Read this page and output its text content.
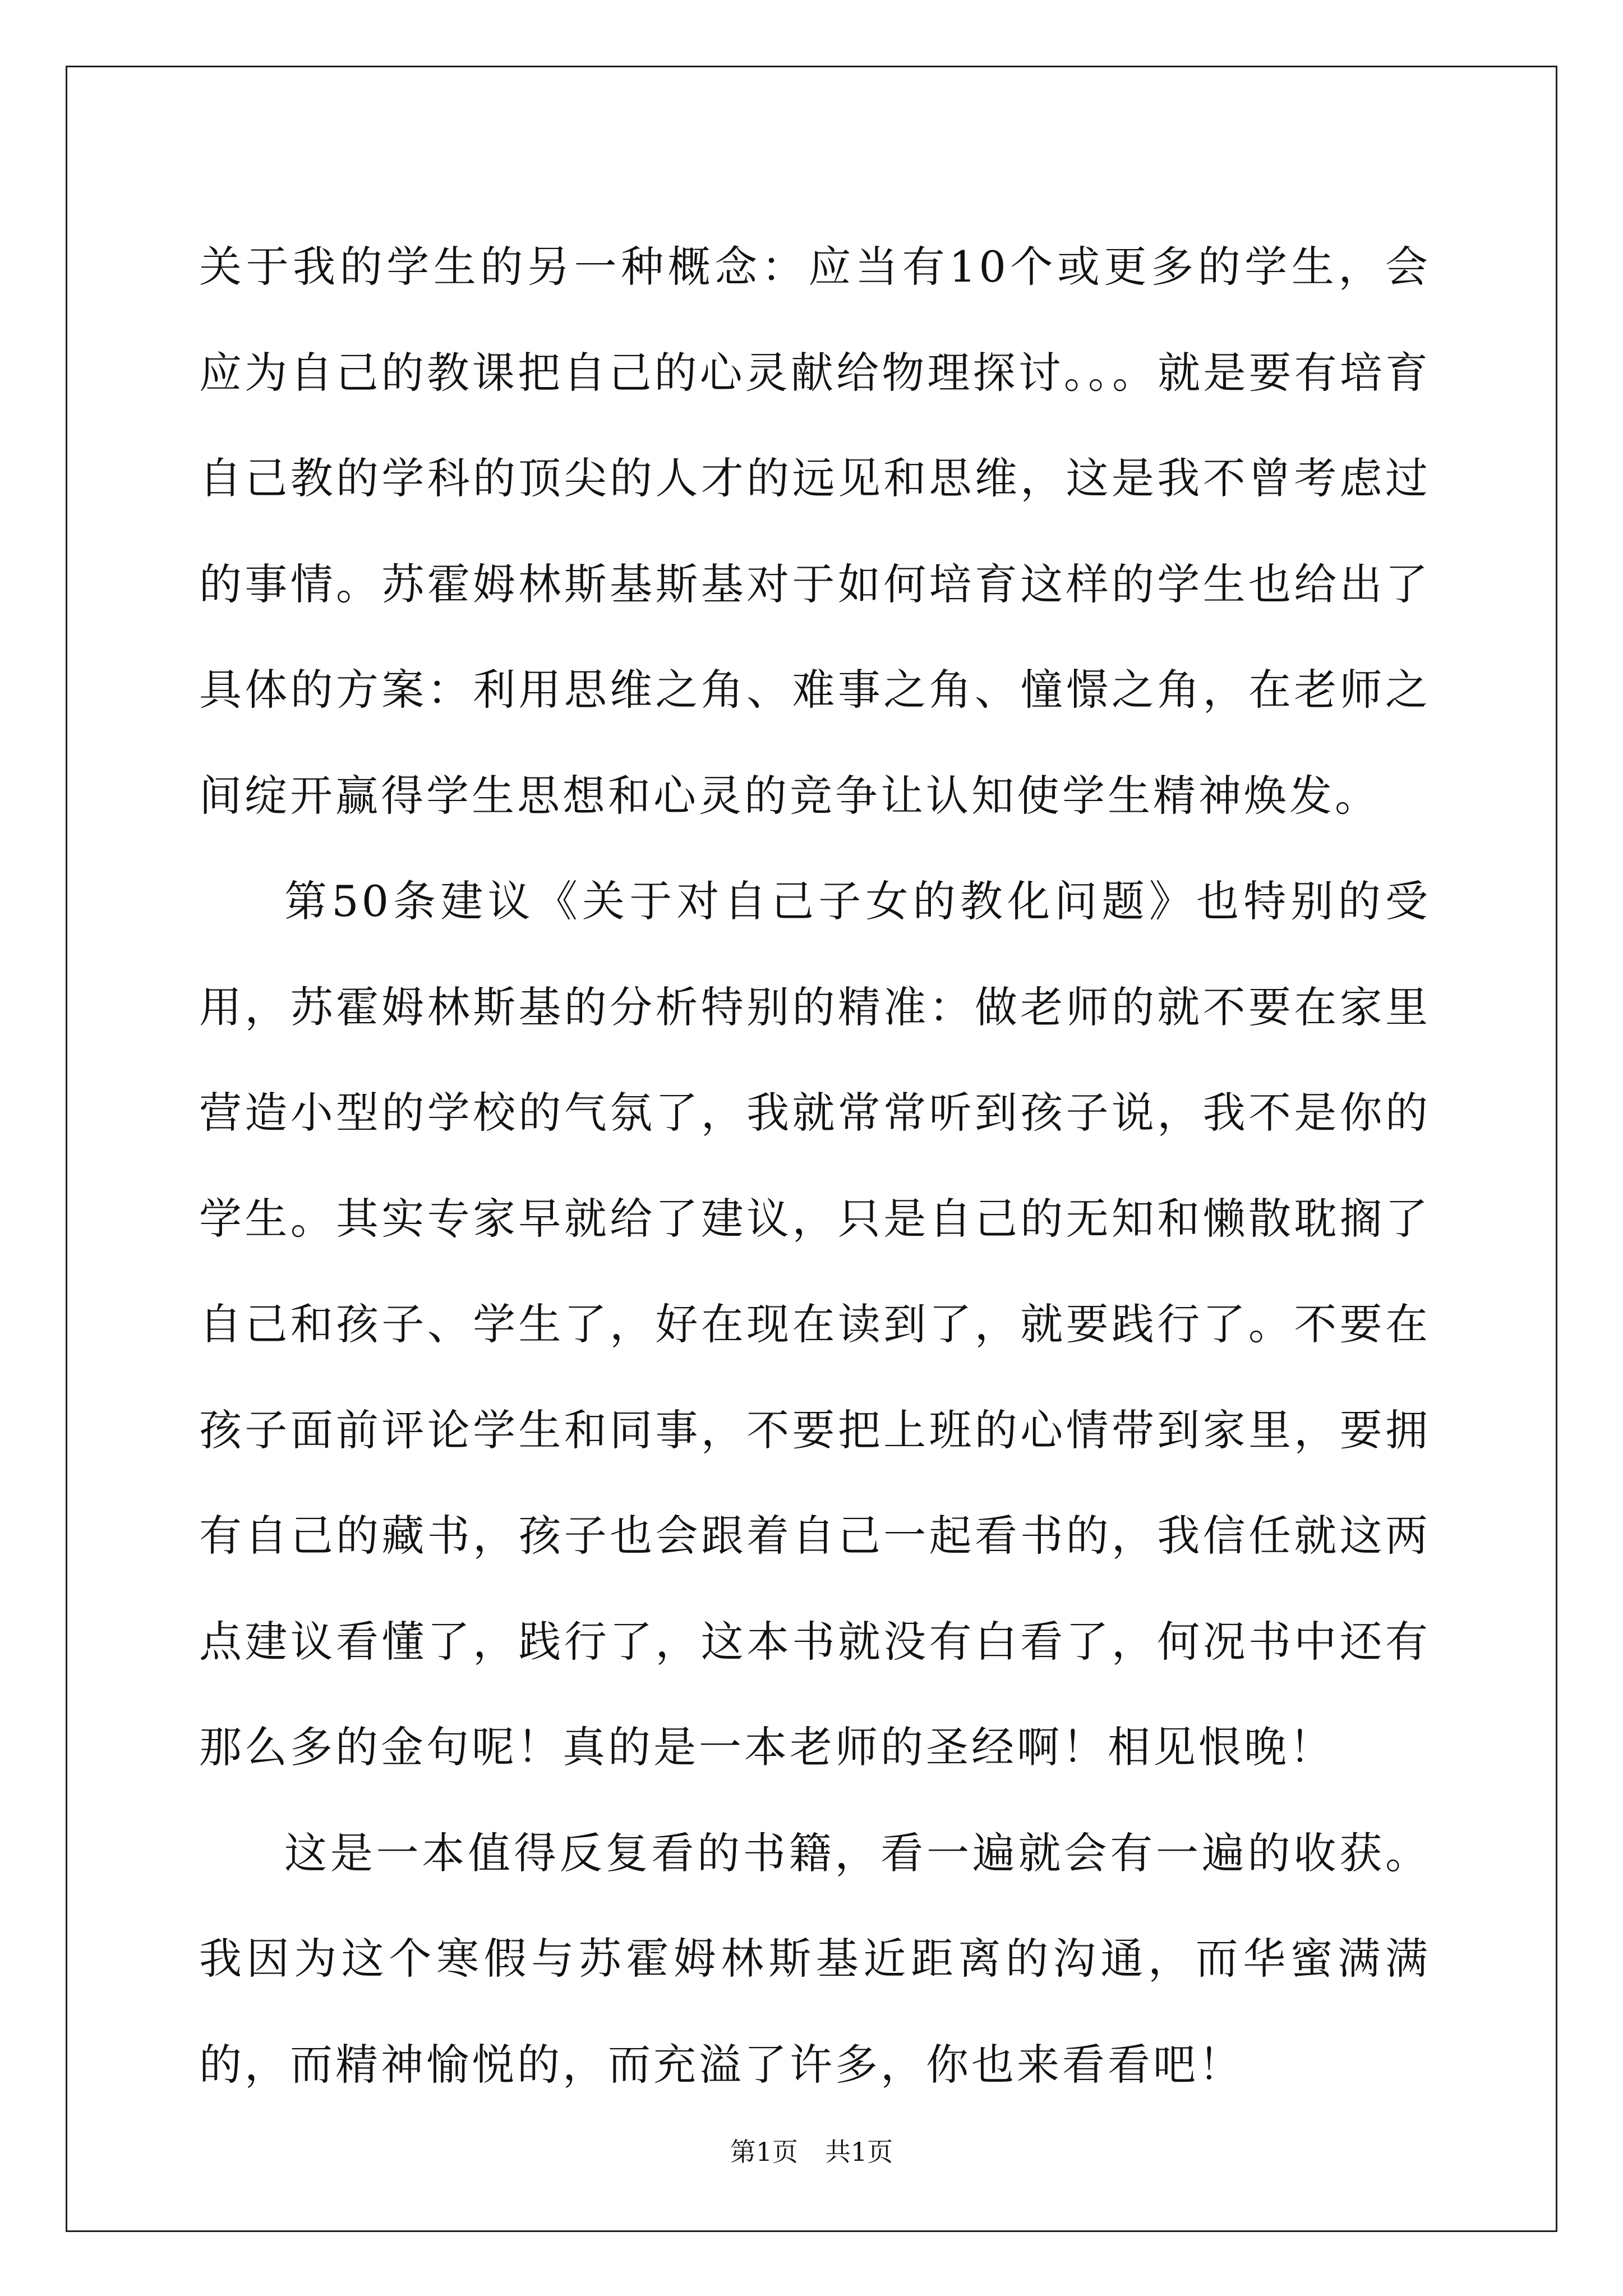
关于我的学生的另一种概念：应当有10个或更多的学生，会应为自己的教课把自己的心灵献给物理探讨。。。就是要有培育自己教的学科的顶尖的人才的远见和思维，这是我不曾考虑过的事情。苏霍姆林斯基斯基对于如何培育这样的学生也给出了具体的方案：利用思维之角、难事之角、憧憬之角，在老师之间绽开赢得学生思想和心灵的竞争让认知使学生精神焕发。

第50条建议《关于对自己子女的教化问题》也特别的受用，苏霍姆林斯基的分析特别的精准：做老师的就不要在家里营造小型的学校的气氛了，我就常常听到孩子说，我不是你的学生。其实专家早就给了建议，只是自己的无知和懒散耽搁了自己和孩子、学生了，好在现在读到了，就要践行了。不要在孩子面前评论学生和同事，不要把上班的心情带到家里，要拥有自己的藏书，孩子也会跟着自己一起看书的，我信任就这两点建议看懂了，践行了，这本书就没有白看了，何况书中还有那么多的金句呢！真的是一本老师的圣经啊！相见恨晚！

这是一本值得反复看的书籍，看一遍就会有一遍的收获。我因为这个寒假与苏霍姆林斯基近距离的沟通，而华蜜满满的，而精神愉悦的，而充溢了许多，你也来看看吧！

第1页 共1页
